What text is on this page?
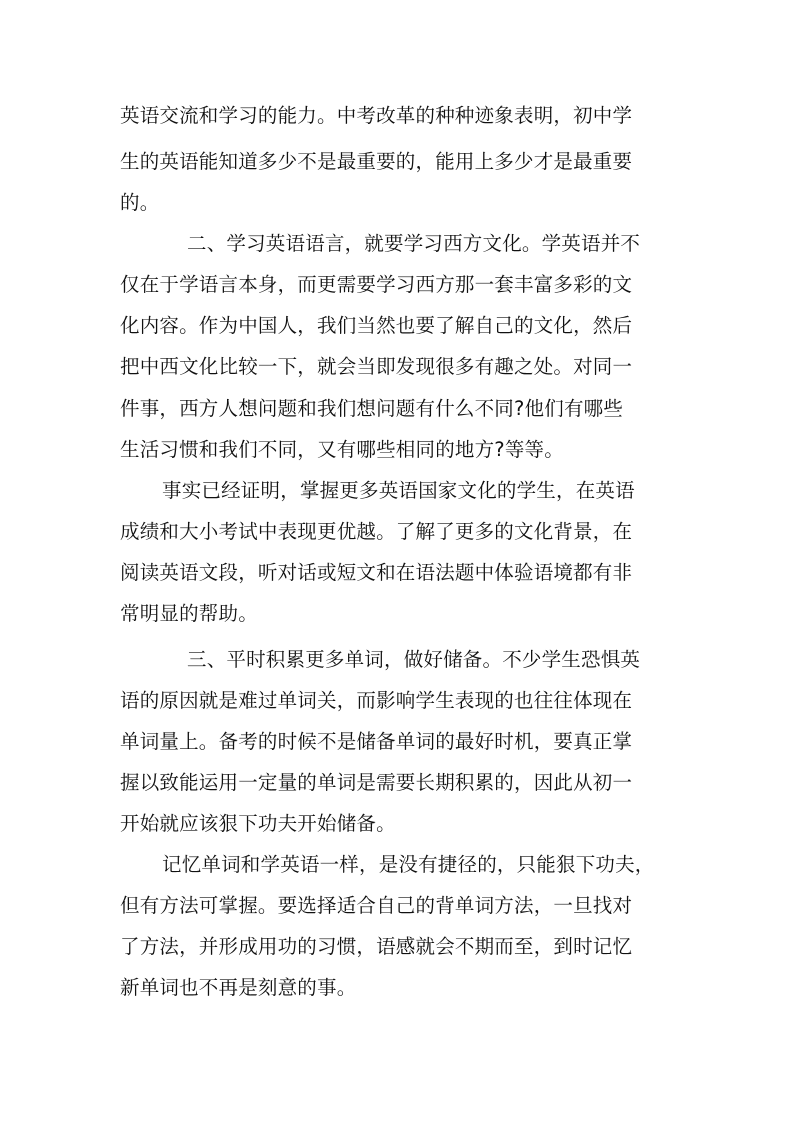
英语交流和学习的能力。中考改革的种种迹象表明，初中学
生的英语能知道多少不是最重要的，能用上多少才是最重要
的。
二、学习英语语言，就要学习西方文化。学英语并不
仅在于学语言本身，而更需要学习西方那一套丰富多彩的文
化内容。作为中国人，我们当然也要了解自己的文化，然后
把中西文化比较一下，就会当即发现很多有趣之处。对同一
件事，西方人想问题和我们想问题有什么不同?他们有哪些
生活习惯和我们不同，又有哪些相同的地方?等等。
事实已经证明，掌握更多英语国家文化的学生，在英语
成绩和大小考试中表现更优越。了解了更多的文化背景，在
阅读英语文段，听对话或短文和在语法题中体验语境都有非
常明显的帮助。
三、平时积累更多单词，做好储备。不少学生恐惧英
语的原因就是难过单词关，而影响学生表现的也往往体现在
单词量上。备考的时候不是储备单词的最好时机，要真正掌
握以致能运用一定量的单词是需要长期积累的，因此从初一
开始就应该狠下功夫开始储备。
记忆单词和学英语一样，是没有捷径的，只能狠下功夫，
但有方法可掌握。要选择适合自己的背单词方法，一旦找对
了方法，并形成用功的习惯，语感就会不期而至，到时记忆
新单词也不再是刻意的事。
